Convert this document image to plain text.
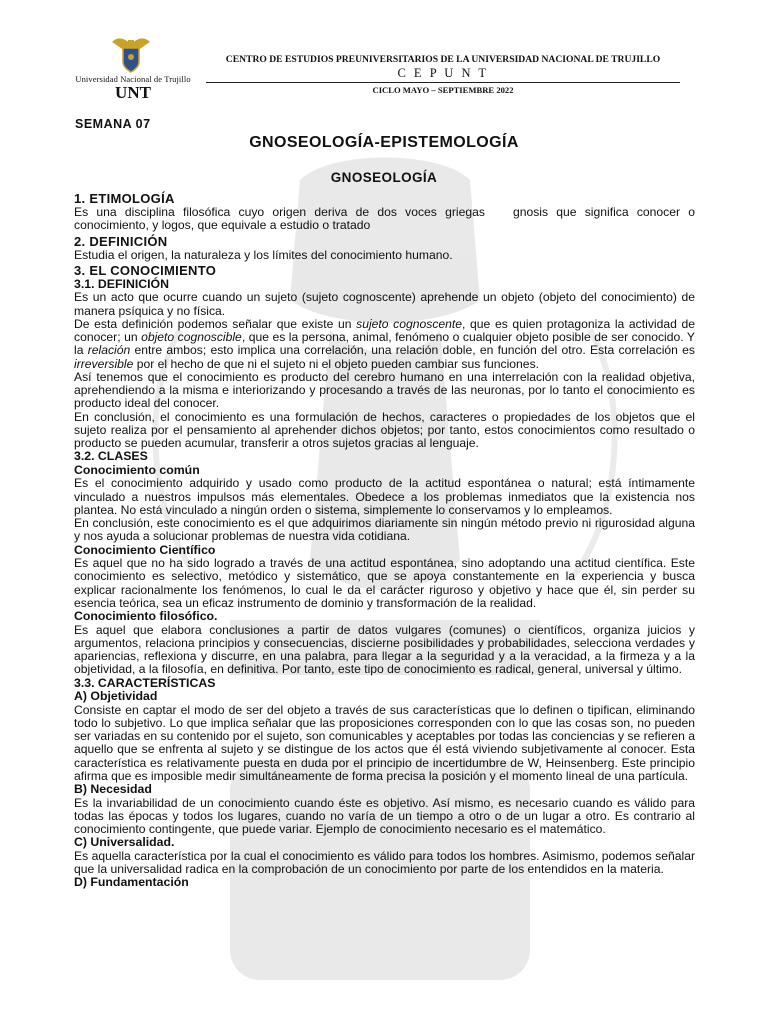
Universidad Nacional de Trujillo
UNT
CENTRO DE ESTUDIOS PREUNIVERSITARIOS DE LA UNIVERSIDAD NACIONAL DE TRUJILLO
C E P U N T
CICLO MAYO – SEPTIEMBRE 2022
SEMANA 07
GNOSEOLOGÍA-EPISTEMOLOGÍA
GNOSEOLOGÍA
1. ETIMOLOGÍA

Es una disciplina filosófica cuyo origen deriva de dos voces griegas gnosis que significa conocer o conocimiento, y logos, que equivale a estudio o tratado

2. DEFINICIÓN

Estudia el origen, la naturaleza y los límites del conocimiento humano.

3. EL CONOCIMIENTO
3.1. DEFINICIÓN

Es un acto que ocurre cuando un sujeto (sujeto cognoscente) aprehende un objeto (objeto del conocimiento) de manera psíquica y no física.

De esta definición podemos señalar que existe un sujeto cognoscente, que es quien protagoniza la actividad de conocer; un objeto cognoscible, que es la persona, animal, fenómeno o cualquier objeto posible de ser conocido. Y la relación entre ambos; esto implica una correlación, una relación doble, en función del otro. Esta correlación es irreversible por el hecho de que ni el sujeto ni el objeto pueden cambiar sus funciones.

Así tenemos que el conocimiento es producto del cerebro humano en una interrelación con la realidad objetiva, aprehendiendo a la misma e interiorizando y procesando a través de las neuronas, por lo tanto el conocimiento es producto ideal del conocer.

En conclusión, el conocimiento es una formulación de hechos, caracteres o propiedades de los objetos que el sujeto realiza por el pensamiento al aprehender dichos objetos; por tanto, estos conocimientos como resultado o producto se pueden acumular, transferir a otros sujetos gracias al lenguaje.

3.2. CLASES
Conocimiento común

Es el conocimiento adquirido y usado como producto de la actitud espontánea o natural; está íntimamente vinculado a nuestros impulsos más elementales. Obedece a los problemas inmediatos que la existencia nos plantea. No está vinculado a ningún orden o sistema, simplemente lo conservamos y lo empleamos.

En conclusión, este conocimiento es el que adquirimos diariamente sin ningún método previo ni rigurosidad alguna y nos ayuda a solucionar problemas de nuestra vida cotidiana.

Conocimiento Científico

Es aquel que no ha sido logrado a través de una actitud espontánea, sino adoptando una actitud científica. Este conocimiento es selectivo, metódico y sistemático, que se apoya constantemente en la experiencia y busca explicar racionalmente los fenómenos, lo cual le da el carácter riguroso y objetivo y hace que él, sin perder su esencia teórica, sea un eficaz instrumento de dominio y transformación de la realidad.

Conocimiento filosófico.

Es aquel que elabora conclusiones a partir de datos vulgares (comunes) o científicos, organiza juicios y argumentos, relaciona principios y consecuencias, discierne posibilidades y probabilidades, selecciona verdades y apariencias, reflexiona y discurre, en una palabra, para llegar a la seguridad y a la veracidad, a la firmeza y a la objetividad, a la filosofía, en definitiva. Por tanto, este tipo de conocimiento es radical, general, universal y último.

3.3. CARACTERÍSTICAS
A) Objetividad

Consiste en captar el modo de ser del objeto a través de sus características que lo definen o tipifican, eliminando todo lo subjetivo. Lo que implica señalar que las proposiciones corresponden con lo que las cosas son, no pueden ser variadas en su contenido por el sujeto, son comunicables y aceptables por todas las conciencias y se refieren a aquello que se enfrenta al sujeto y se distingue de los actos que él está viviendo subjetivamente al conocer. Esta característica es relativamente puesta en duda por el principio de incertidumbre de W, Heinsenberg. Este principio afirma que es imposible medir simultáneamente de forma precisa la posición y el momento lineal de una partícula.

B) Necesidad

Es la invariabilidad de un conocimiento cuando éste es objetivo. Así mismo, es necesario cuando es válido para todas las épocas y todos los lugares, cuando no varía de un tiempo a otro o de un lugar a otro. Es contrario al conocimiento contingente, que puede variar. Ejemplo de conocimiento necesario es el matemático.

C) Universalidad.

Es aquella característica por la cual el conocimiento es válido para todos los hombres. Asimismo, podemos señalar que la universalidad radica en la comprobación de un conocimiento por parte de los entendidos en la materia.

D) Fundamentación
